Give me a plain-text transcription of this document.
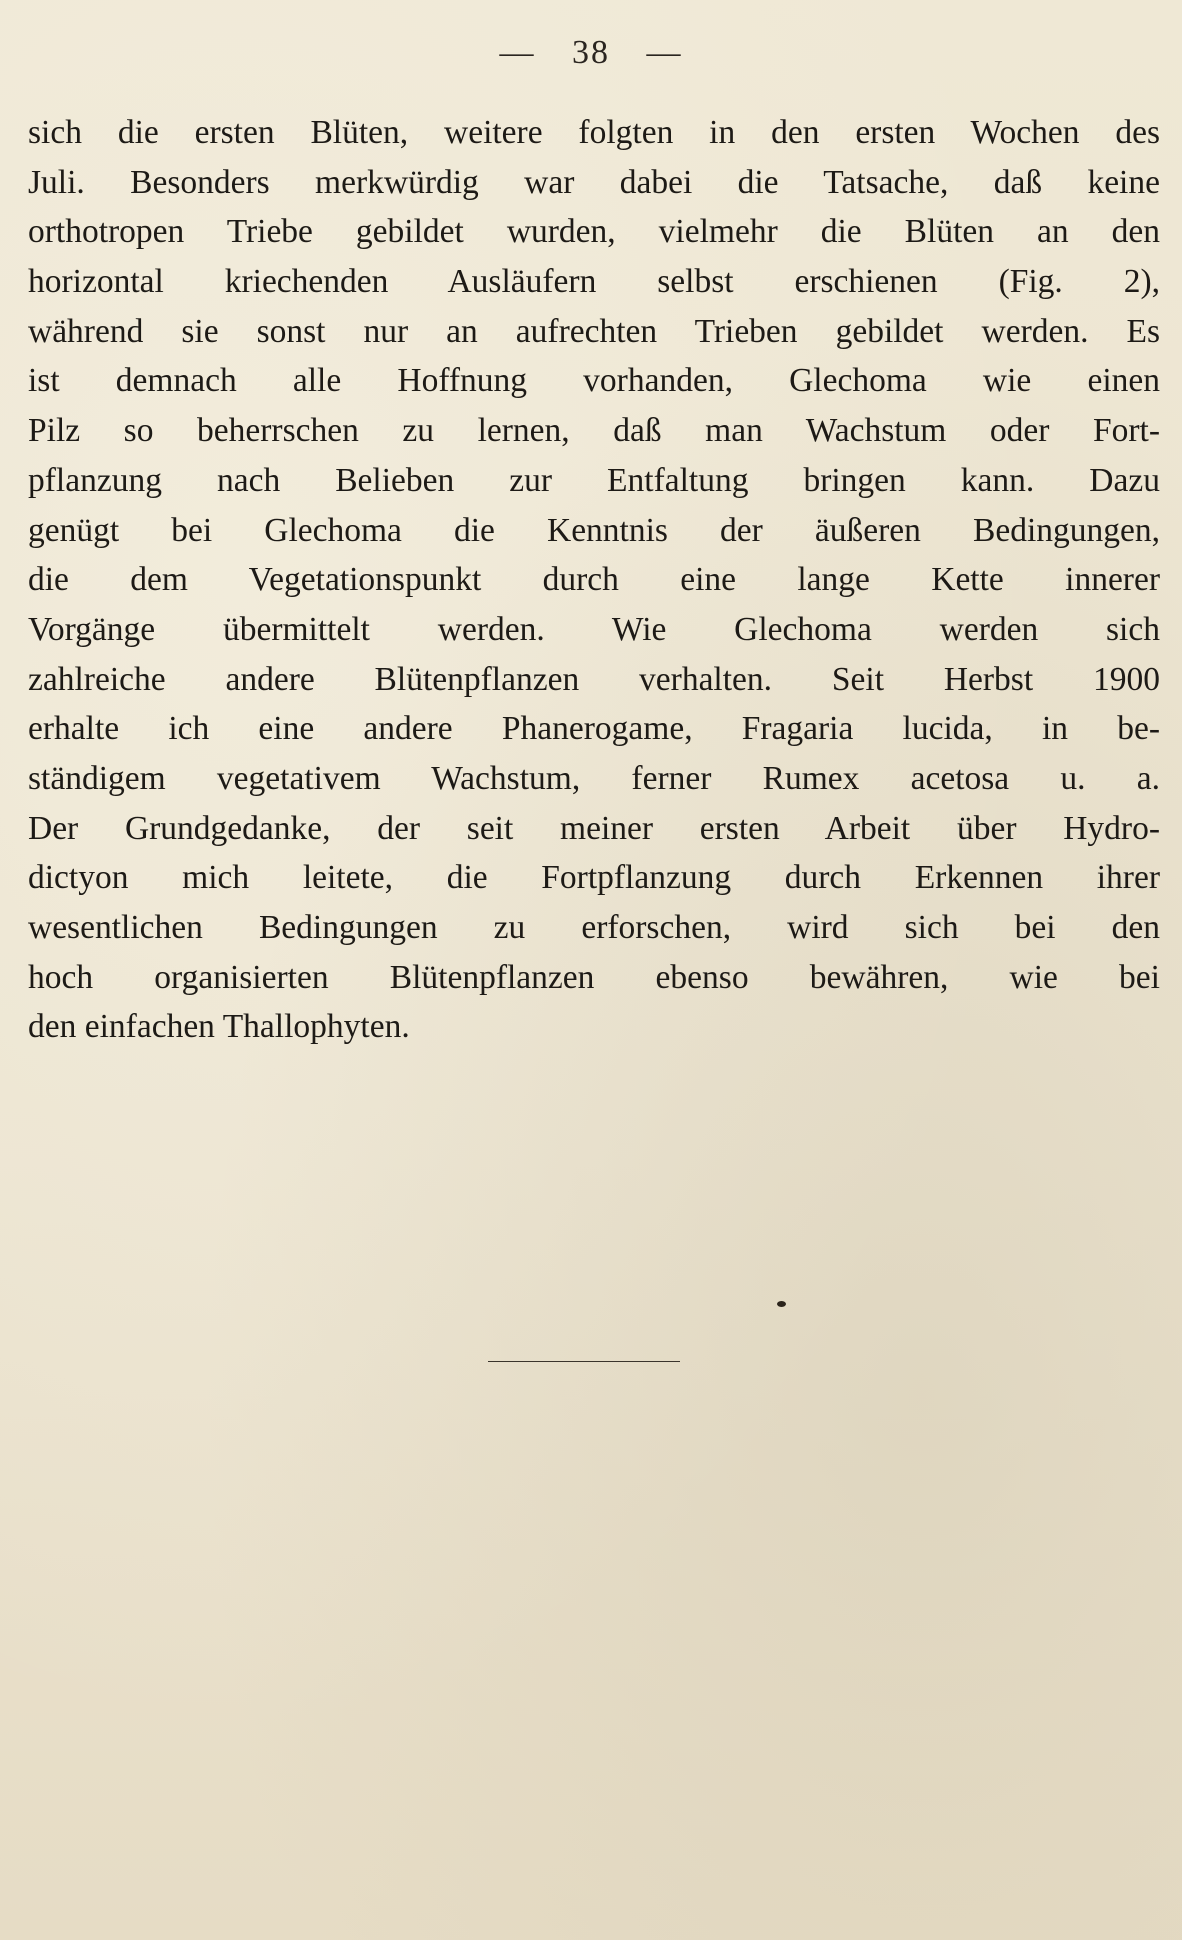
— 38 —

sich die ersten Blüten, weitere folgten in den ersten Wochen des
Juli. Besonders merkwürdig war dabei die Tatsache, daß keine
orthotropen Triebe gebildet wurden, vielmehr die Blüten an den
horizontal kriechenden Ausläufern selbst erschienen (Fig. 2),
während sie sonst nur an aufrechten Trieben gebildet werden. Es
ist demnach alle Hoffnung vorhanden, Glechoma wie einen
Pilz so beherrschen zu lernen, daß man Wachstum oder Fort-
pflanzung nach Belieben zur Entfaltung bringen kann. Dazu
genügt bei Glechoma die Kenntnis der äußeren Bedingungen,
die dem Vegetationspunkt durch eine lange Kette innerer
Vorgänge übermittelt werden. Wie Glechoma werden sich
zahlreiche andere Blütenpflanzen verhalten. Seit Herbst 1900
erhalte ich eine andere Phanerogame, Fragaria lucida, in be-
ständigem vegetativem Wachstum, ferner Rumex acetosa u. a.
Der Grundgedanke, der seit meiner ersten Arbeit über Hydro-
dictyon mich leitete, die Fortpflanzung durch Erkennen ihrer
wesentlichen Bedingungen zu erforschen, wird sich bei den
hoch organisierten Blütenpflanzen ebenso bewähren, wie bei
den einfachen Thallophyten.
